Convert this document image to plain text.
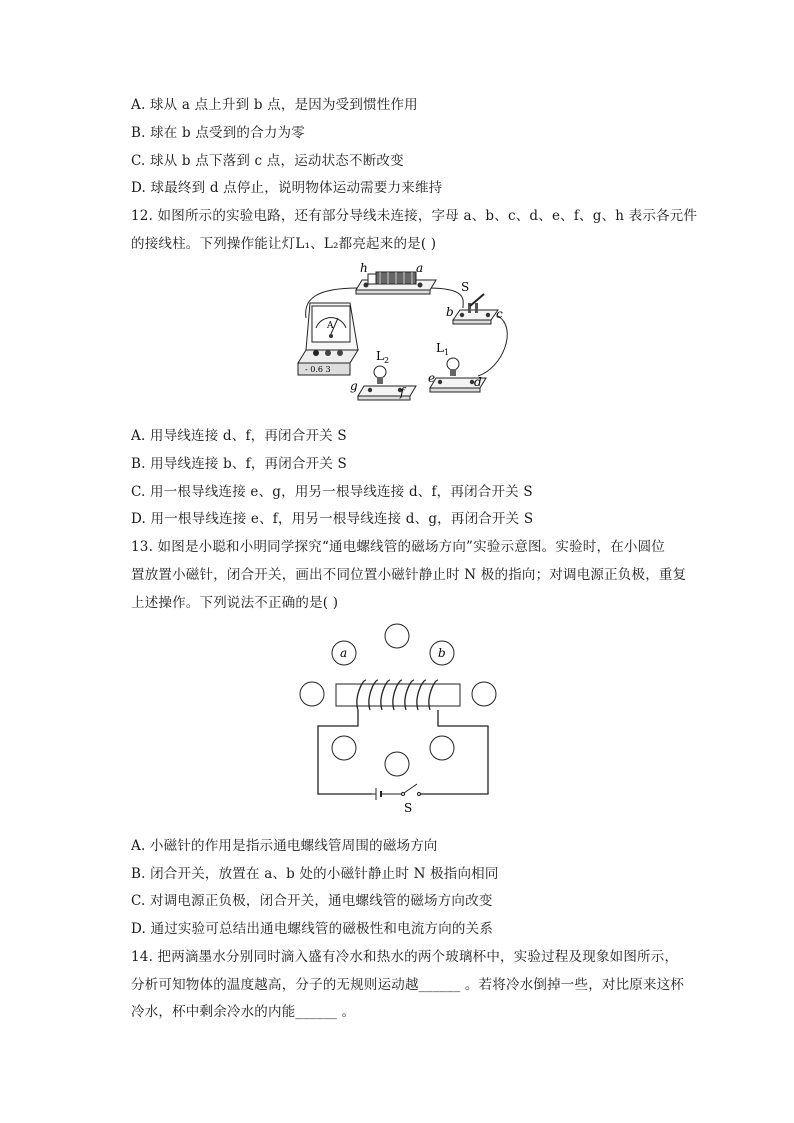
A. 球从 a 点上升到 b 点，是因为受到惯性作用
B. 球在 b 点受到的合力为零
C. 球从 b 点下落到 c 点，运动状态不断改变
D. 球最终到 d 点停止，说明物体运动需要力来维持
12. 如图所示的实验电路，还有部分导线未连接，字母 a、b、c、d、e、f、g、h 表示各元件
的接线柱。下列操作能让灯L₁、L₂都亮起来的是( )
h	a
S
b	c
A
- 0.6 3
$L_2$
g	f
$L_1$
e	d
A. 用导线连接 d、f，再闭合开关 S
B. 用导线连接 b、f，再闭合开关 S
C. 用一根导线连接 e、g，用另一根导线连接 d、f，再闭合开关 S
D. 用一根导线连接 e、f，用另一根导线连接 d、g，再闭合开关 S
13. 如图是小聪和小明同学探究“通电螺线管的磁场方向”实验示意图。实验时，在小圆位
置放置小磁针，闭合开关，画出不同位置小磁针静止时 N 极的指向；对调电源正负极，重复
上述操作。下列说法不正确的是( )
a	b
S
A. 小磁针的作用是指示通电螺线管周围的磁场方向
B. 闭合开关，放置在 a、b 处的小磁针静止时 N 极指向相同
C. 对调电源正负极，闭合开关，通电螺线管的磁场方向改变
D. 通过实验可总结出通电螺线管的磁极性和电流方向的关系
14. 把两滴墨水分别同时滴入盛有冷水和热水的两个玻璃杯中，实验过程及现象如图所示，
分析可知物体的温度越高，分子的无规则运动越______ 。若将冷水倒掉一些，对比原来这杯
冷水，杯中剩余冷水的内能______ 。
